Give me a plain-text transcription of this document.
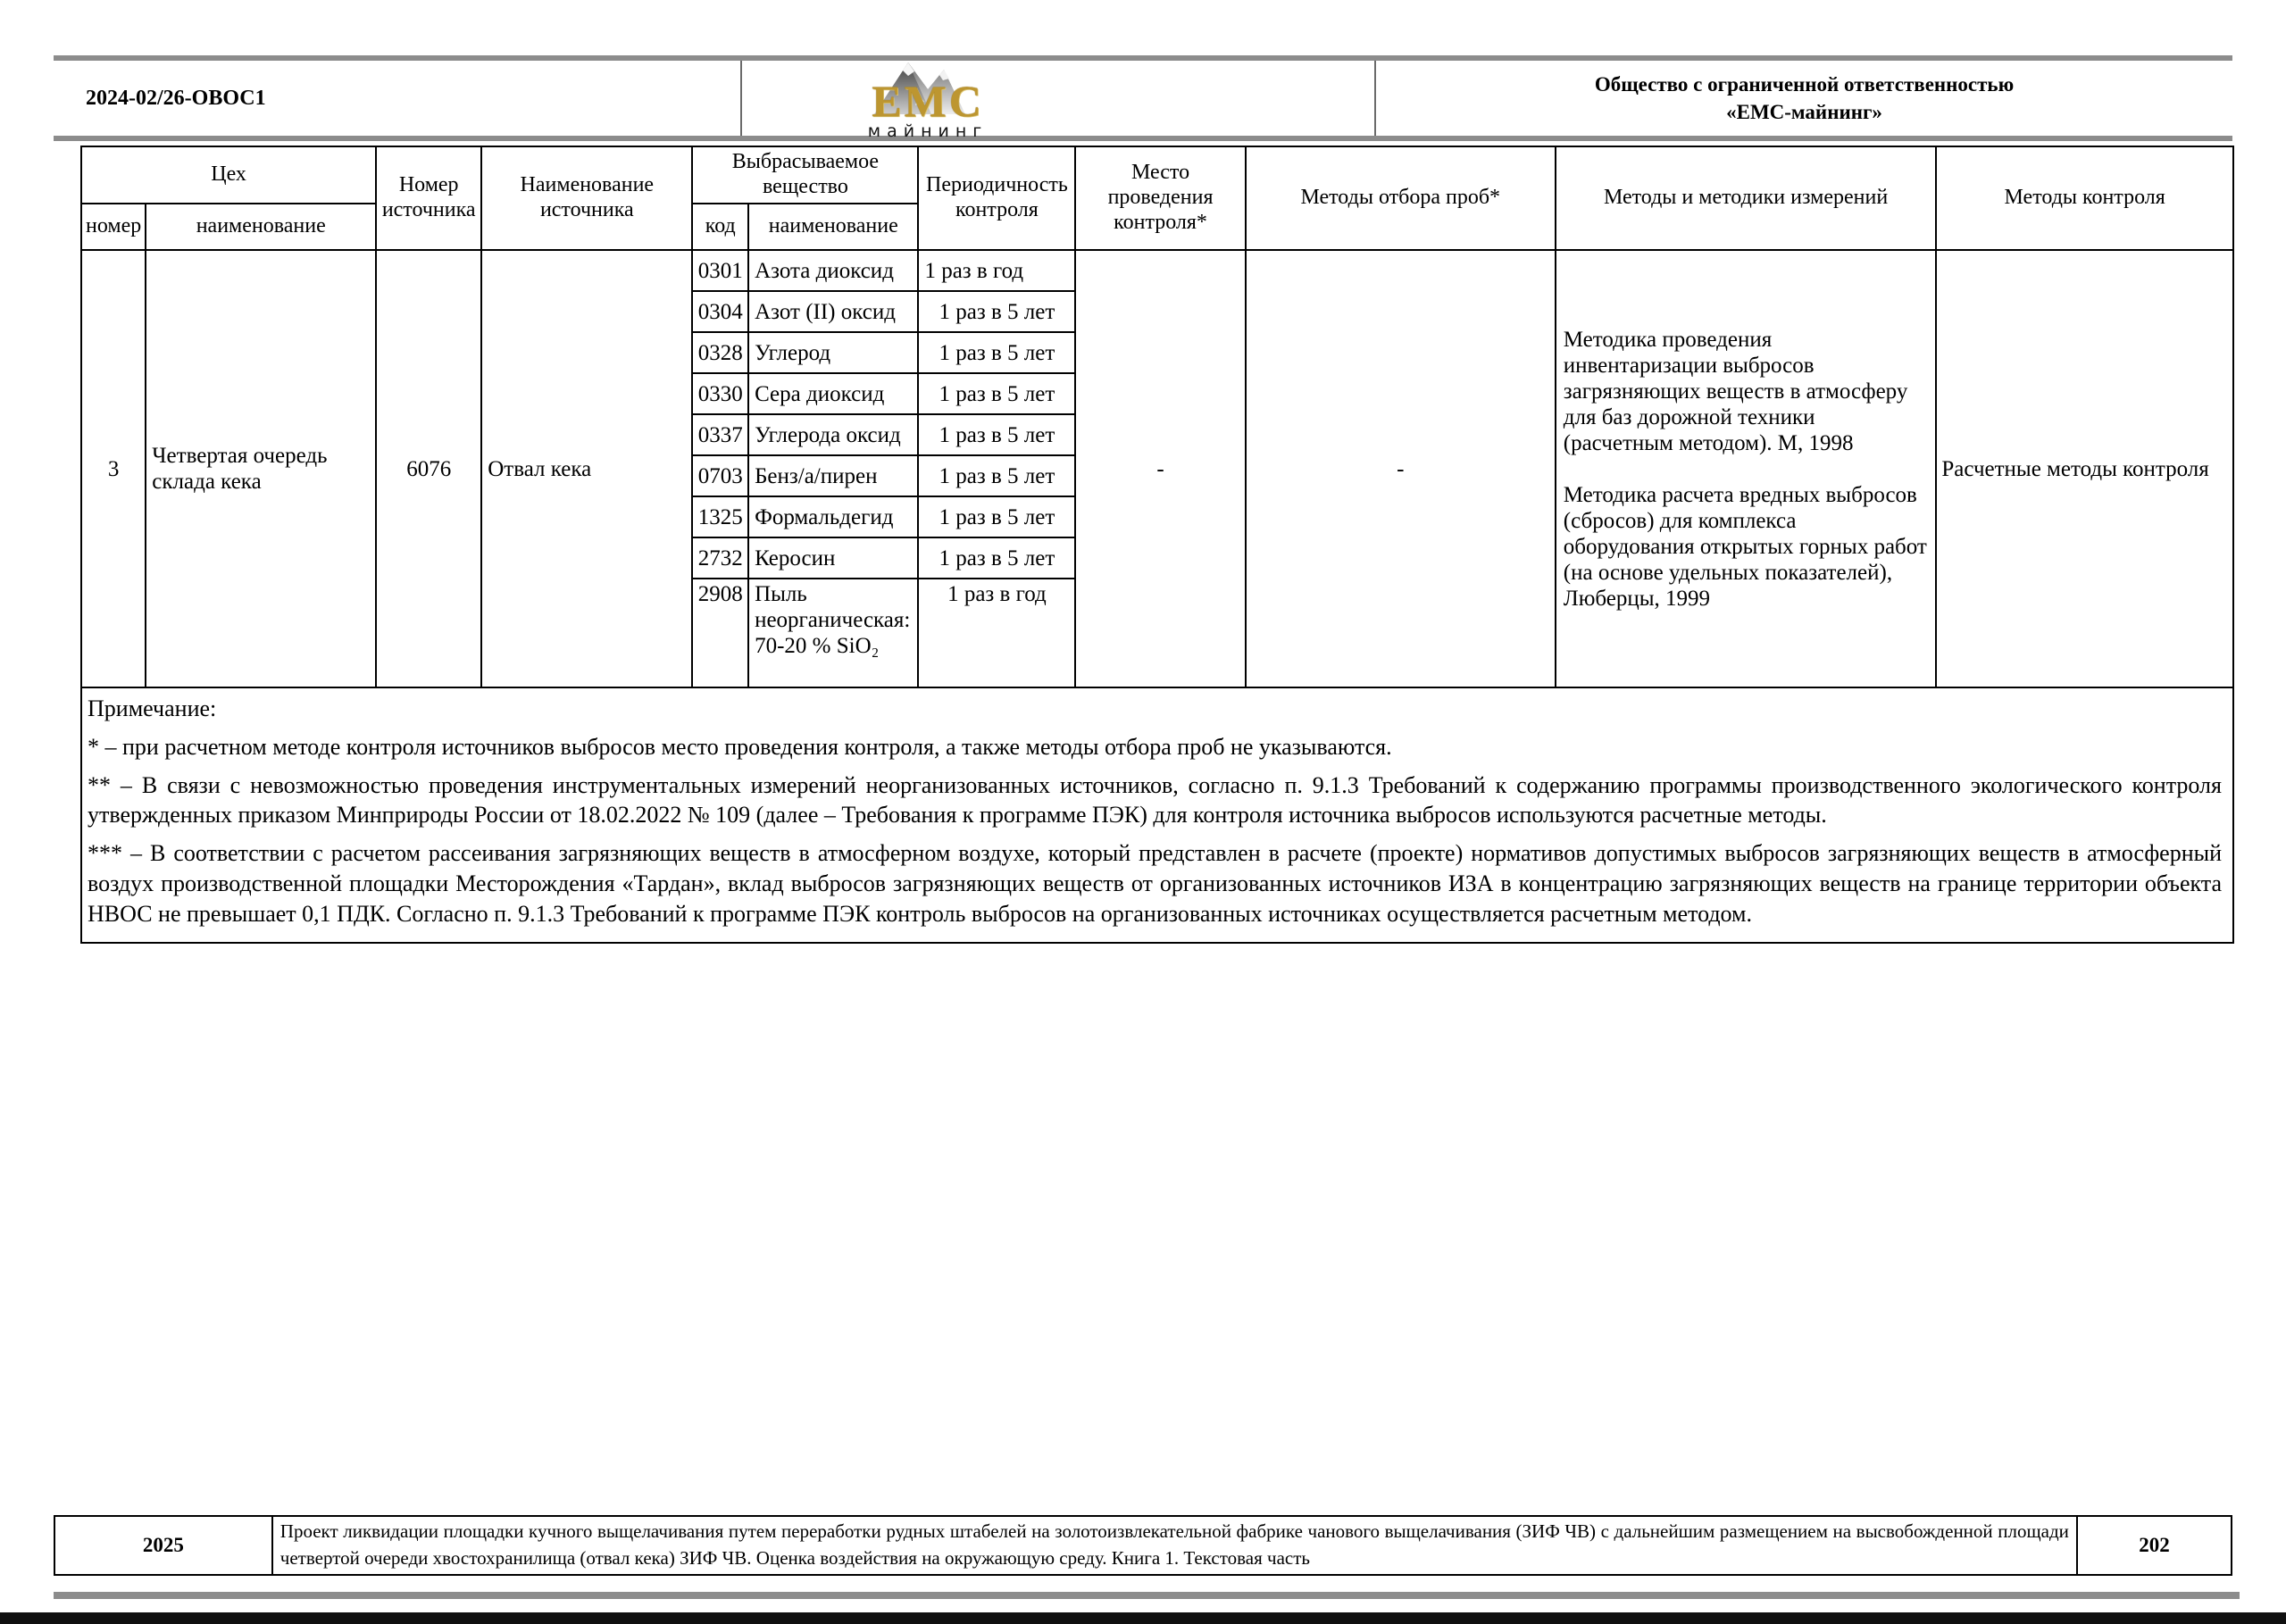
2024-02/26-ОВОС1	ЕМС
майнинг
Общество с ограниченной ответственностью
«ЕМС-майнинг»
Цех		Номер источника	Наименование источника	Выбрасываемое вещество		Периодичность контроля	Место проведения контроля*	Методы отбора проб*	Методы и методики измерений	Методы контроля
номер	наименование			код	наименование					
3	Четвертая очередь склада кека	6076	Отвал кека	0301	Азота диоксид	1 раз в год	-	-	Методика проведения инвентаризации выбросов загрязняющих веществ в атмосферу для баз дорожной техники (расчетным методом). М, 1998

Методика расчета вредных выбросов (сбросов) для комплекса оборудования открытых горных работ (на основе удельных показателей), Люберцы, 1999	Расчетные методы контроля
				0304	Азот (II) оксид	1 раз в 5 лет				
				0328	Углерод	1 раз в 5 лет				
				0330	Сера диоксид	1 раз в 5 лет				
				0337	Углерода оксид	1 раз в 5 лет				
				0703	Бенз/а/пирен	1 раз в 5 лет				
				1325	Формальдегид	1 раз в 5 лет				
				2732	Керосин	1 раз в 5 лет				
				2908	Пыль неорганическая: 70-20 % SiO₂	1 раз в год				

Примечание:

* – при расчетном методе контроля источников выбросов место проведения контроля, а также методы отбора проб не указываются.

** – В связи с невозможностью проведения инструментальных измерений неорганизованных источников, согласно п. 9.1.3 Требований к содержанию программы производственного экологического контроля утвержденных приказом Минприроды России от 18.02.2022 № 109 (далее – Требования к программе ПЭК) для контроля источника выбросов используются расчетные методы.

*** – В соответствии с расчетом рассеивания загрязняющих веществ в атмосферном воздухе, который представлен в расчете (проекте) нормативов допустимых выбросов загрязняющих веществ в атмосферный воздух производственной площадки Месторождения «Тардан», вклад выбросов загрязняющих веществ от организованных источников ИЗА в концентрацию загрязняющих веществ на границе территории объекта НВОС не превышает 0,1 ПДК. Согласно п. 9.1.3 Требований к программе ПЭК контроль выбросов на организованных источниках осуществляется расчетным методом.										

2025	Проект ликвидации площадки кучного выщелачивания путем переработки рудных штабелей на золотоизвлекательной фабрике чанового выщелачивания (ЗИФ ЧВ) с дальнейшим размещением на высвобожденной площади четвертой очереди хвостохранилища (отвал кека) ЗИФ ЧВ. Оценка воздействия на окружающую среду. Книга 1. Текстовая часть	202
